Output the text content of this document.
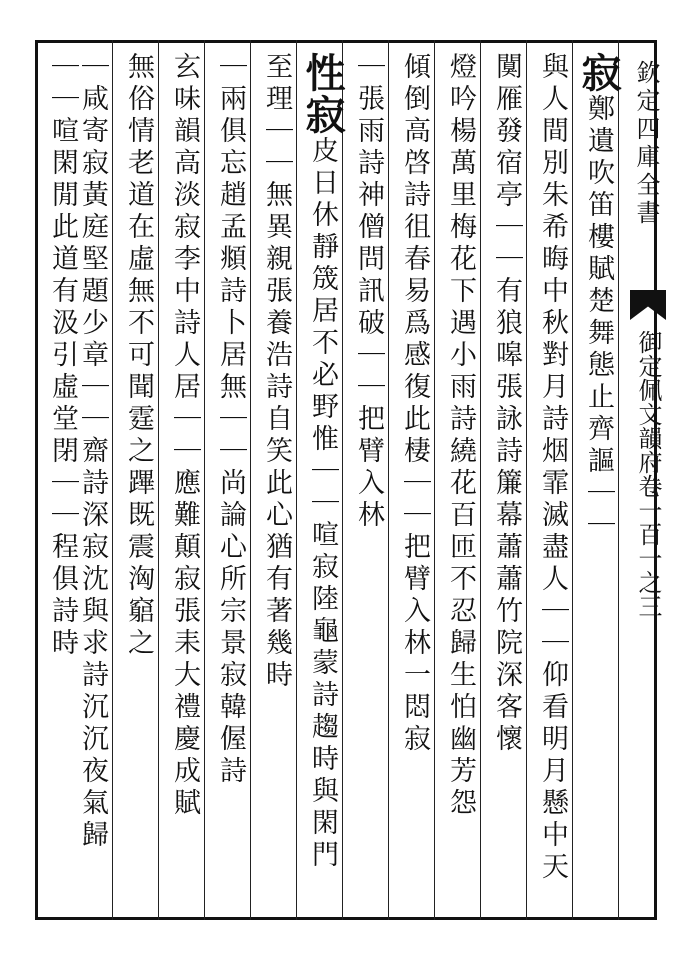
欽定四庫全書
御定佩文韻府卷一百一之三
寂鄭遺吹笛樓賦楚舞態止齊謳｜｜
與人間別朱希晦中秋對月詩烟霏滅盡人｜｜仰看明月懸中天
闃雁發宿亭｜｜有狼嗥張詠詩簾幕蕭蕭竹院深客懷
燈吟楊萬里梅花下遇小雨詩繞花百匝不忍歸生怕幽芳怨
傾倒高啓詩徂春易爲感復此棲｜｜把臂入林一悶寂
｜張雨詩神僧問訊破｜｜把臂入林
性寂皮日休靜筬居不必野惟｜｜喧寂陸龜蒙詩趨時與閑門
至理｜｜無異親張養浩詩自笑此心猶有著幾時
｜兩俱忘趙孟頫詩卜居無｜｜尚論心所宗景寂韓偓詩
玄味韻高淡寂李中詩人居｜｜應難顛寂張耒大禮慶成賦
無俗情老道在虛無不可聞霆之蹕既震洶竆之
｜咸寄寂黃庭堅題少章｜｜齋詩深寂沈與求詩沉沉夜氣歸
｜｜喧閑閒此道有汲引虛堂閉｜｜程俱詩時
